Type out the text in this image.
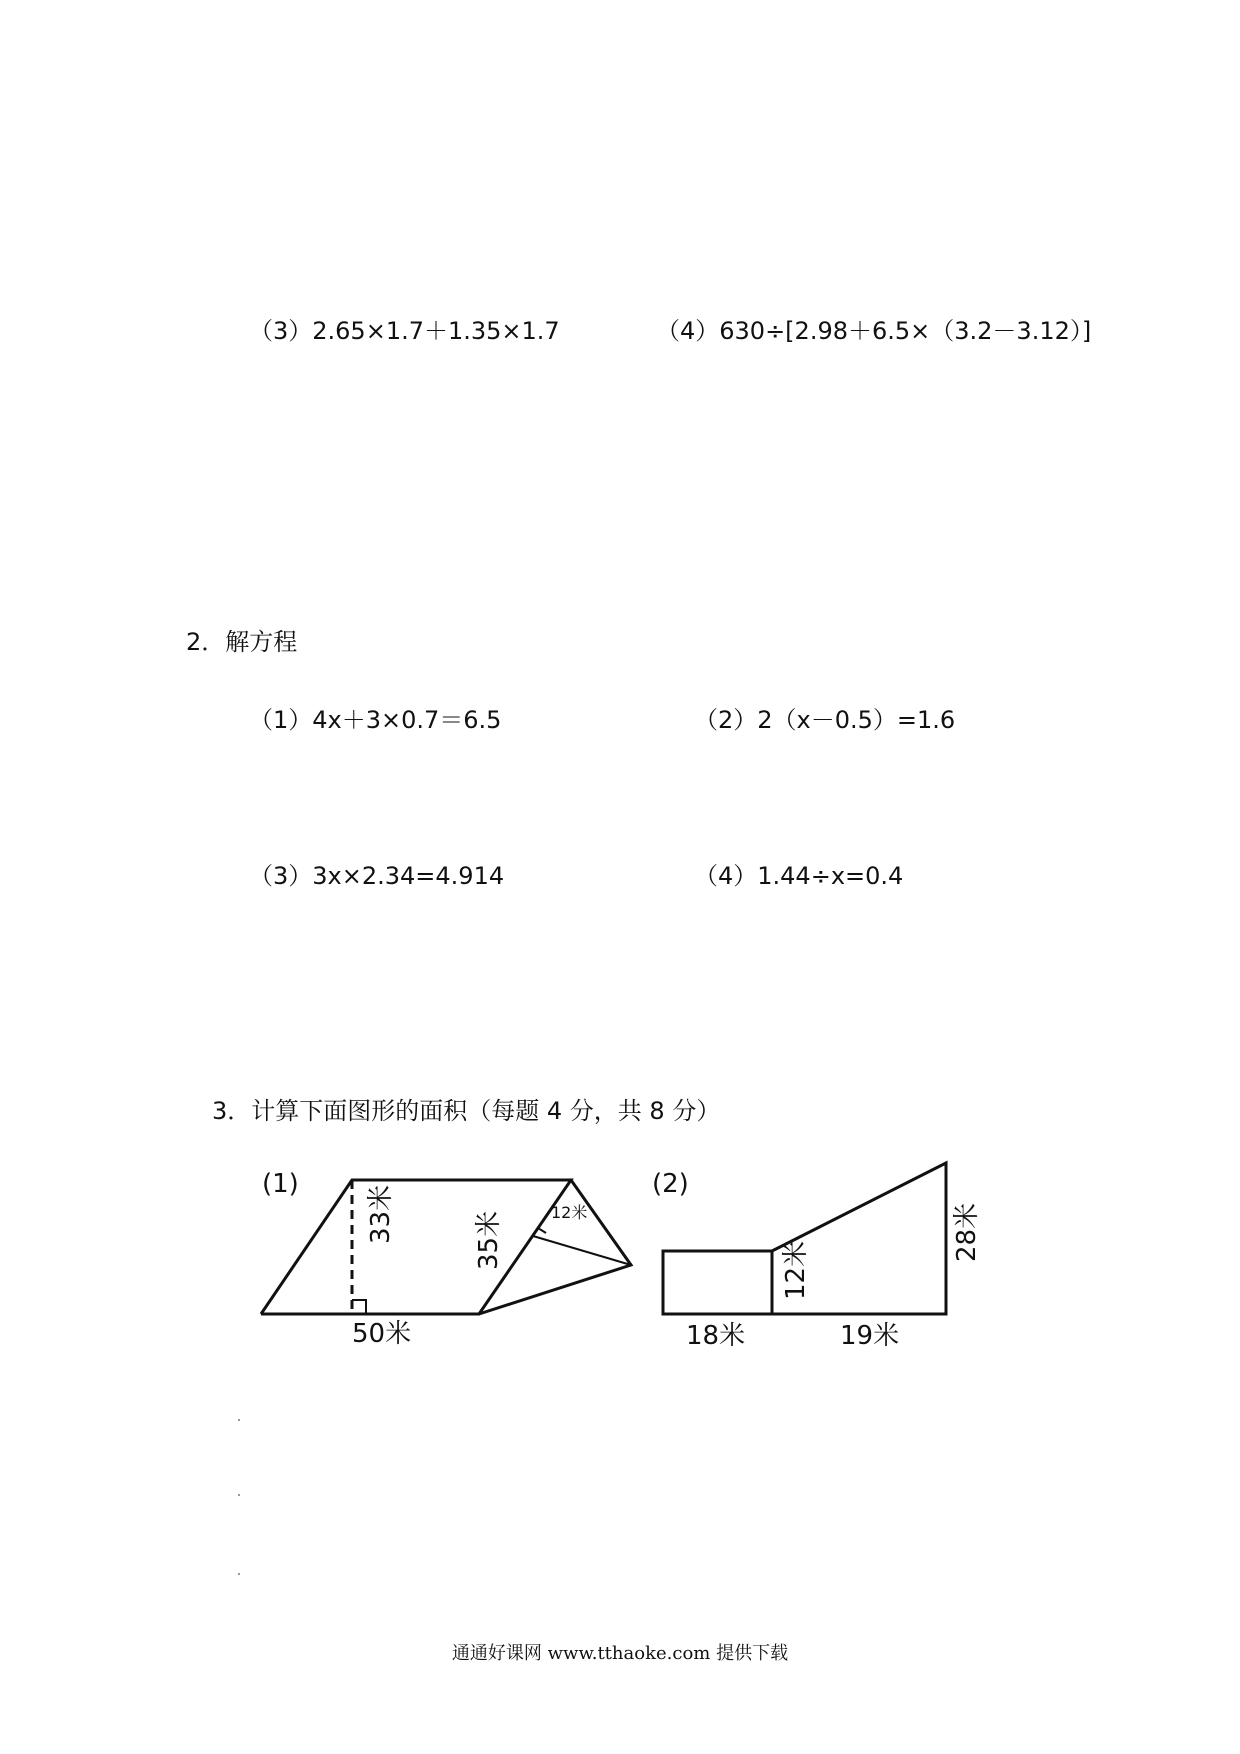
（3）2.65×1.7＋1.35×1.7	（4）630÷[2.98＋6.5×（3.2－3.12）]
2．解方程
（1）4x＋3×0.7＝6.5	（2）2（x－0.5）=1.6
（3）3x×2.34=4.914	（4）1.44÷x=0.4
3．计算下面图形的面积（每题 4 分，共 8 分）
(1)
33米
50米
35米	12米
(2)
18米
12米
19米
28米
通通好课网 www.tthaoke.com 提供下载
